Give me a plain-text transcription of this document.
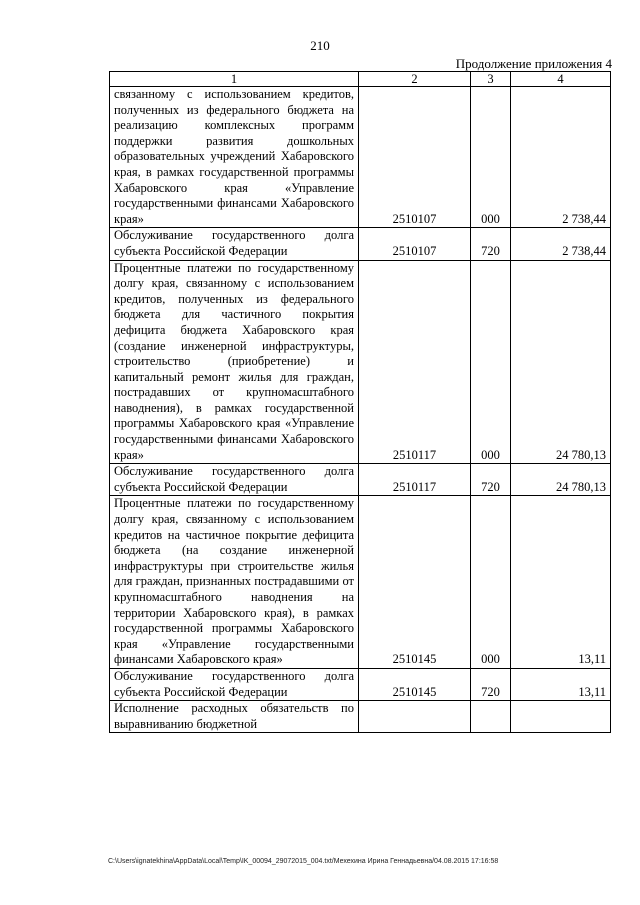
210
Продолжение приложения 4
1	2	3	4
связанному с использованием кредитов, полученных из федерального бюджета на реализацию комплексных программ поддержки развития дошкольных образовательных учреждений Хабаровского края, в рамках государственной программы Хабаровского края «Управление государственными финансами Хабаровского края»	2510107	000	2 738,44
Обслуживание государственного долга субъекта Российской Федерации	2510107	720	2 738,44
Процентные платежи по государственному долгу края, связанному с использованием кредитов, полученных из федерального бюджета для частичного покрытия дефицита бюджета Хабаровского края (создание инженерной инфраструктуры, строительство (приобретение) и капитальный ремонт жилья для граждан, пострадавших от крупномасштабного наводнения), в рамках государственной программы Хабаровского края «Управление государственными финансами Хабаровского края»	2510117	000	24 780,13
Обслуживание государственного долга субъекта Российской Федерации	2510117	720	24 780,13
Процентные платежи по государственному долгу края, связанному с использованием кредитов на частичное покрытие дефицита бюджета (на создание инженерной инфраструктуры при строительстве жилья для граждан, признанных пострадавшими от крупномасштабного наводнения на территории Хабаровского края), в рамках государственной программы Хабаровского края «Управление государственными финансами Хабаровского края»	2510145	000	13,11
Обслуживание государственного долга субъекта Российской Федерации	2510145	720	13,11
Исполнение расходных обязательств по выравниванию бюджетной			
C:\Users\ignatekhina\AppData\Local\Temp\IK_00094_29072015_004.txt/Мехехина Ирина Геннадьевна/04.08.2015 17:16:58
